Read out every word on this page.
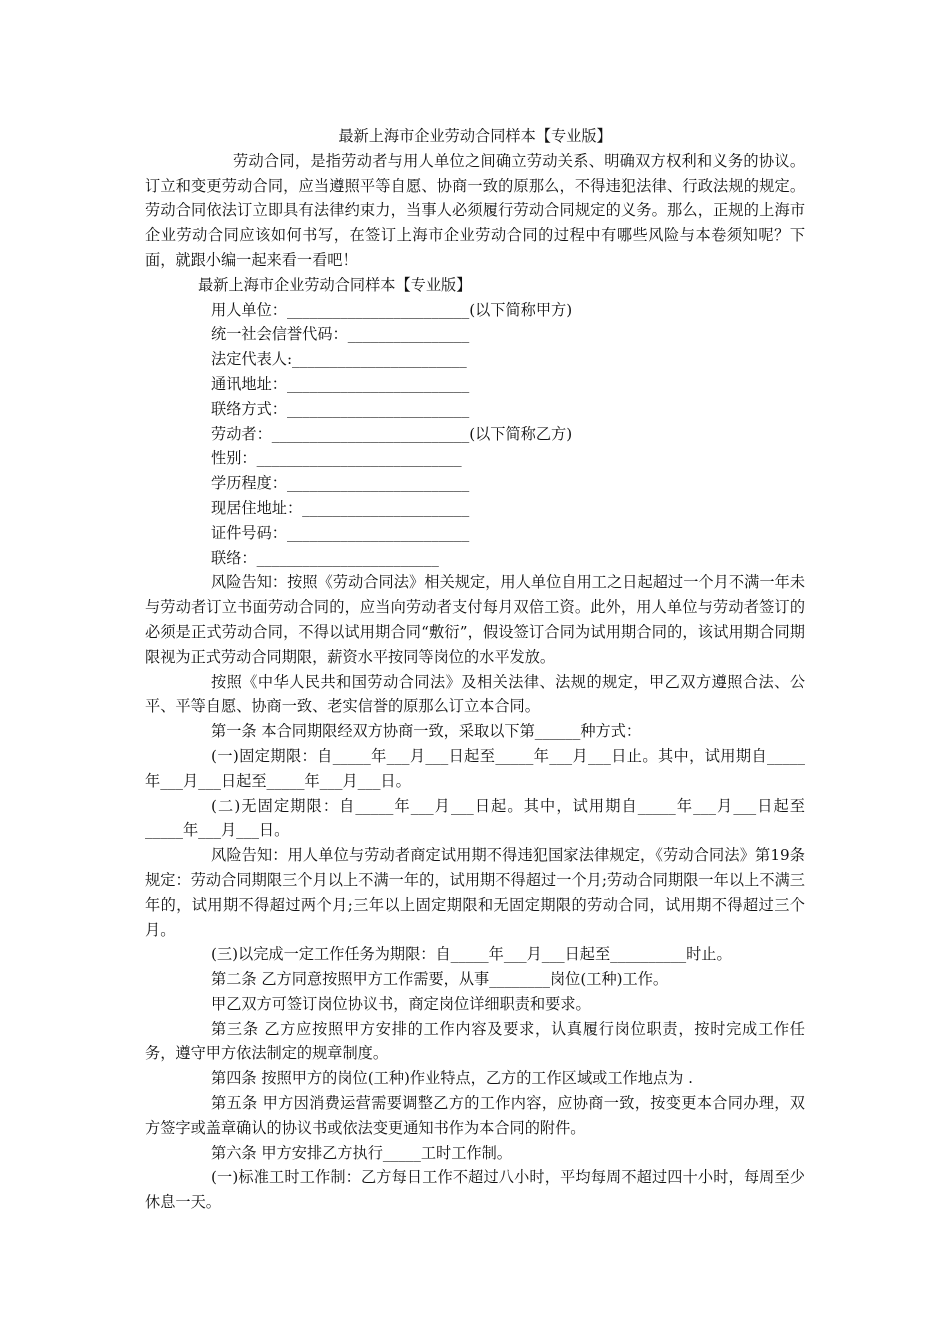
最新上海市企业劳动合同样本【专业版】
劳动合同，是指劳动者与用人单位之间确立劳动关系、明确双方权利和义务的协议。订立和变更劳动合同，应当遵照平等自愿、协商一致的原那么，不得违犯法律、行政法规的规定。劳动合同依法订立即具有法律约束力，当事人必须履行劳动合同规定的义务。那么，正规的上海市企业劳动合同应该如何书写，在签订上海市企业劳动合同的过程中有哪些风险与本卷须知呢？下面，就跟小编一起来看一看吧！
最新上海市企业劳动合同样本【专业版】
用人单位：________________________(以下简称甲方)
统一社会信誉代码：________________
法定代表人:_______________________
通讯地址：________________________
联络方式：________________________
劳动者：__________________________(以下简称乙方)
性别：___________________________
学历程度：________________________
现居住地址：______________________
证件号码：________________________
联络：________________________
风险告知：按照《劳动合同法》相关规定，用人单位自用工之日起超过一个月不满一年未与劳动者订立书面劳动合同的，应当向劳动者支付每月双倍工资。此外，用人单位与劳动者签订的必须是正式劳动合同，不得以试用期合同“敷衍”，假设签订合同为试用期合同的，该试用期合同期限视为正式劳动合同期限，薪资水平按同等岗位的水平发放。
按照《中华人民共和国劳动合同法》及相关法律、法规的规定，甲乙双方遵照合法、公平、平等自愿、协商一致、老实信誉的原那么订立本合同。
第一条 本合同期限经双方协商一致，采取以下第______种方式：
(一)固定期限：自_____年___月___日起至_____年___月___日止。其中，试用期自_____年___月___日起至_____年___月___日。
(二)无固定期限：自_____年___月___日起。其中，试用期自_____年___月___日起至_____年___月___日。
风险告知：用人单位与劳动者商定试用期不得违犯国家法律规定，《劳动合同法》第19条规定：劳动合同期限三个月以上不满一年的，试用期不得超过一个月;劳动合同期限一年以上不满三年的，试用期不得超过两个月;三年以上固定期限和无固定期限的劳动合同，试用期不得超过三个月。
(三)以完成一定工作任务为期限：自_____年___月___日起至__________时止。
第二条 乙方同意按照甲方工作需要，从事________岗位(工种)工作。
甲乙双方可签订岗位协议书，商定岗位详细职责和要求。
第三条 乙方应按照甲方安排的工作内容及要求，认真履行岗位职责，按时完成工作任务，遵守甲方依法制定的规章制度。
第四条 按照甲方的岗位(工种)作业特点，乙方的工作区域或工作地点为 .
第五条 甲方因消费运营需要调整乙方的工作内容，应协商一致，按变更本合同办理，双方签字或盖章确认的协议书或依法变更通知书作为本合同的附件。
第六条 甲方安排乙方执行_____工时工作制。
(一)标准工时工作制：乙方每日工作不超过八小时，平均每周不超过四十小时，每周至少休息一天。
